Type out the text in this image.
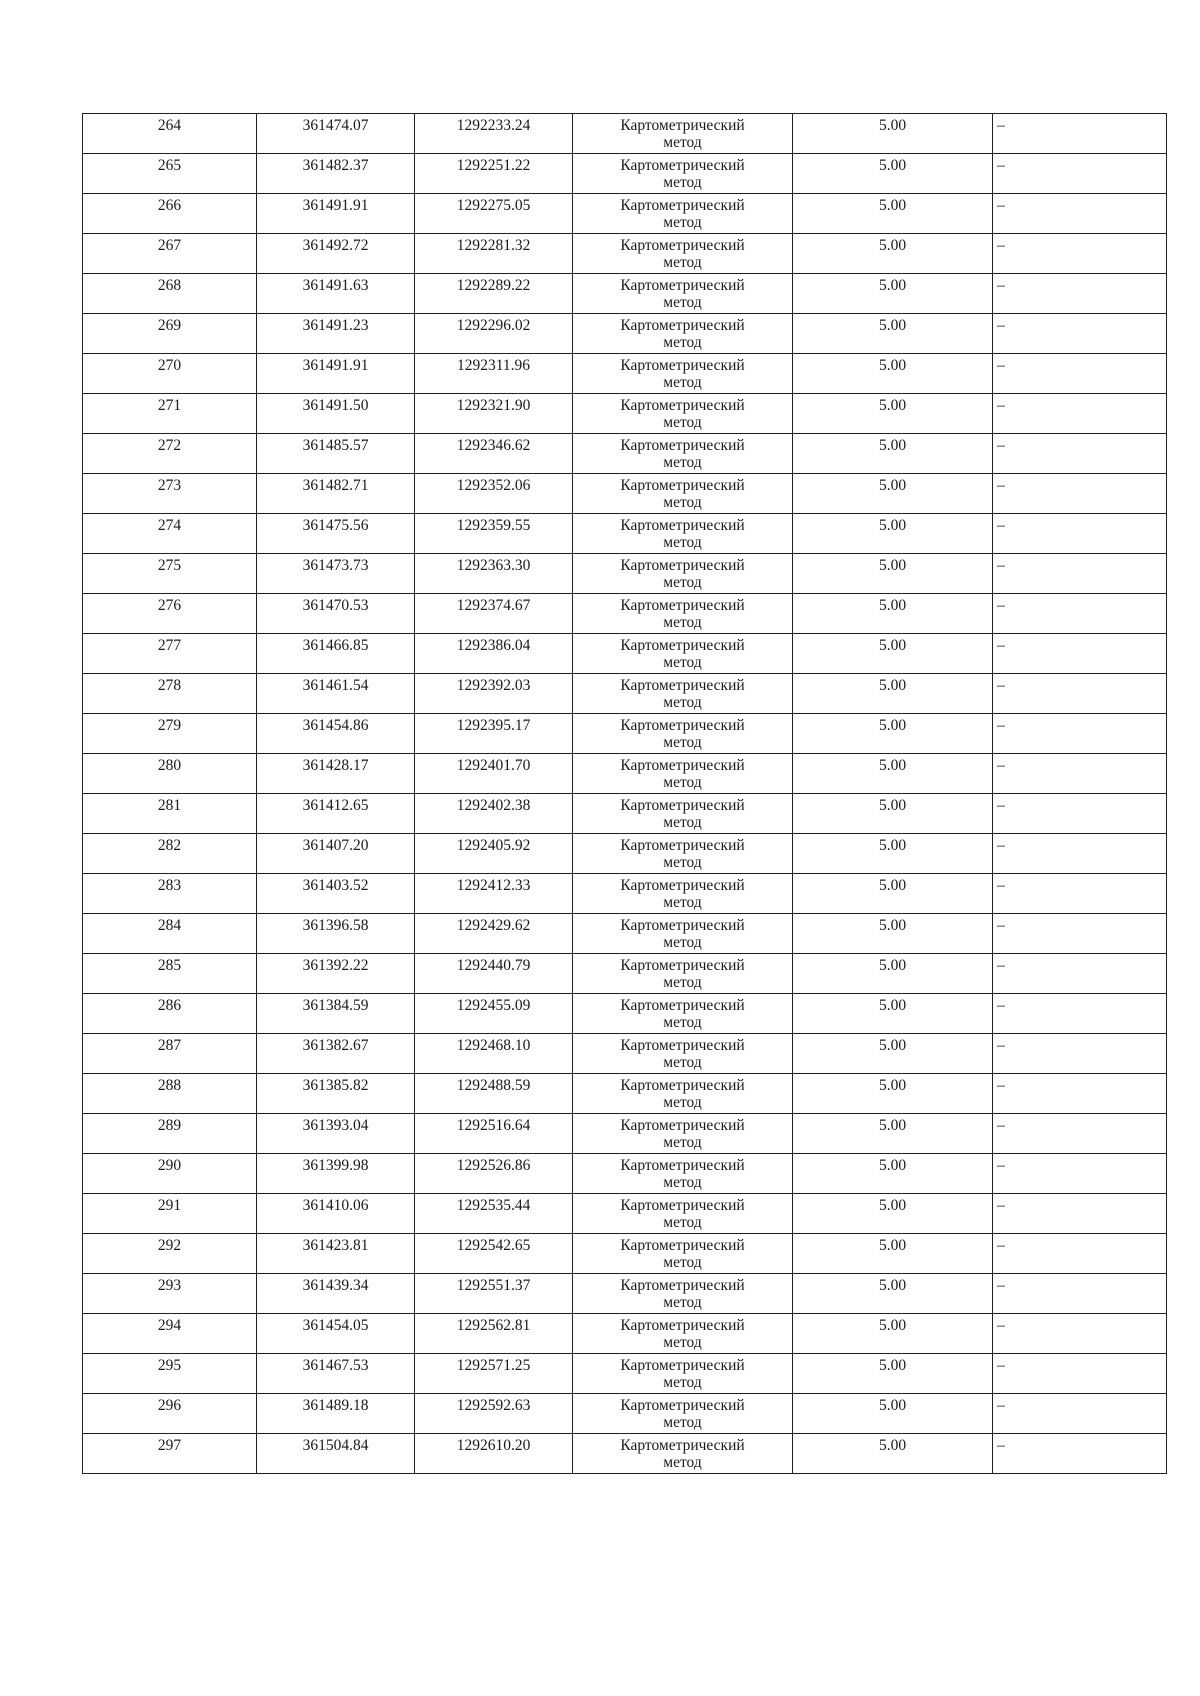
264	361474.07	1292233.24	Картометрический
метод	5.00	–
265	361482.37	1292251.22	Картометрический
метод	5.00	–
266	361491.91	1292275.05	Картометрический
метод	5.00	–
267	361492.72	1292281.32	Картометрический
метод	5.00	–
268	361491.63	1292289.22	Картометрический
метод	5.00	–
269	361491.23	1292296.02	Картометрический
метод	5.00	–
270	361491.91	1292311.96	Картометрический
метод	5.00	–
271	361491.50	1292321.90	Картометрический
метод	5.00	–
272	361485.57	1292346.62	Картометрический
метод	5.00	–
273	361482.71	1292352.06	Картометрический
метод	5.00	–
274	361475.56	1292359.55	Картометрический
метод	5.00	–
275	361473.73	1292363.30	Картометрический
метод	5.00	–
276	361470.53	1292374.67	Картометрический
метод	5.00	–
277	361466.85	1292386.04	Картометрический
метод	5.00	–
278	361461.54	1292392.03	Картометрический
метод	5.00	–
279	361454.86	1292395.17	Картометрический
метод	5.00	–
280	361428.17	1292401.70	Картометрический
метод	5.00	–
281	361412.65	1292402.38	Картометрический
метод	5.00	–
282	361407.20	1292405.92	Картометрический
метод	5.00	–
283	361403.52	1292412.33	Картометрический
метод	5.00	–
284	361396.58	1292429.62	Картометрический
метод	5.00	–
285	361392.22	1292440.79	Картометрический
метод	5.00	–
286	361384.59	1292455.09	Картометрический
метод	5.00	–
287	361382.67	1292468.10	Картометрический
метод	5.00	–
288	361385.82	1292488.59	Картометрический
метод	5.00	–
289	361393.04	1292516.64	Картометрический
метод	5.00	–
290	361399.98	1292526.86	Картометрический
метод	5.00	–
291	361410.06	1292535.44	Картометрический
метод	5.00	–
292	361423.81	1292542.65	Картометрический
метод	5.00	–
293	361439.34	1292551.37	Картометрический
метод	5.00	–
294	361454.05	1292562.81	Картометрический
метод	5.00	–
295	361467.53	1292571.25	Картометрический
метод	5.00	–
296	361489.18	1292592.63	Картометрический
метод	5.00	–
297	361504.84	1292610.20	Картометрический
метод	5.00	–
